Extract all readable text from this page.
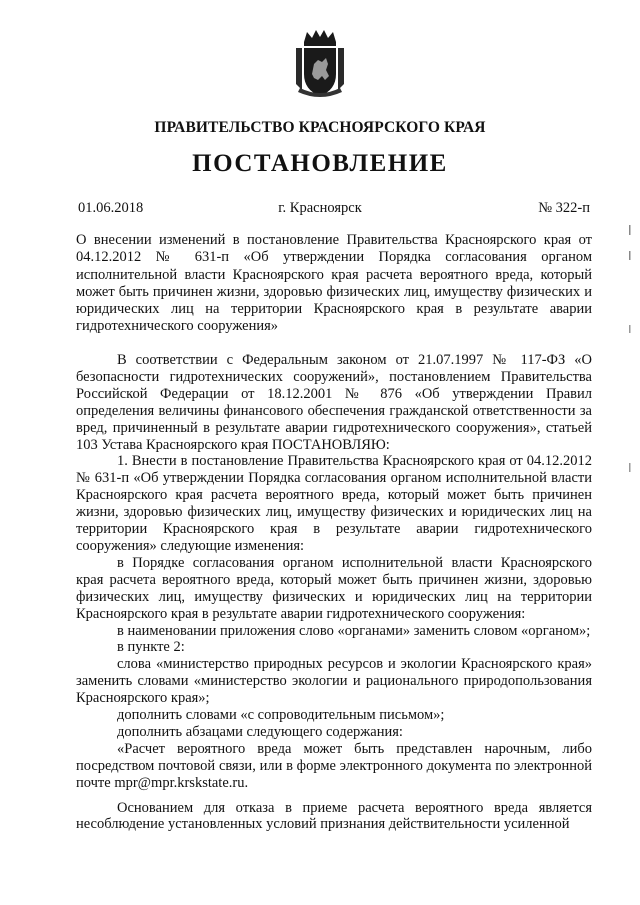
ПРАВИТЕЛЬСТВО КРАСНОЯРСКОГО КРАЯ
ПОСТАНОВЛЕНИЕ
01.06.2018	г. Красноярск	№ 322-п

О внесении изменений в постановление Правительства Красноярского края от 04.12.2012 № 631-п «Об утверждении Порядка согласования органом исполнительной власти Красноярского края расчета вероятного вреда, который может быть причинен жизни, здоровью физических лиц, имуществу физических и юридических лиц на территории Красноярского края в результате аварии гидротехнического сооружения»

В соответствии с Федеральным законом от 21.07.1997 № 117-ФЗ «О безопасности гидротехнических сооружений», постановлением Правительства Российской Федерации от 18.12.2001 № 876 «Об утверждении Правил определения величины финансового обеспечения гражданской ответственности за вред, причиненный в результате аварии гидротехнического сооружения», статьей 103 Устава Красноярского края ПОСТАНОВЛЯЮ:

1. Внести в постановление Правительства Красноярского края от 04.12.2012 № 631-п «Об утверждении Порядка согласования органом исполнительной власти Красноярского края расчета вероятного вреда, который может быть причинен жизни, здоровью физических лиц, имуществу физических и юридических лиц на территории Красноярского края в результате аварии гидротехнического сооружения» следующие изменения:

в Порядке согласования органом исполнительной власти Красноярского края расчета вероятного вреда, который может быть причинен жизни, здоровью физических лиц, имуществу физических и юридических лиц на территории Красноярского края в результате аварии гидротехнического сооружения:

в наименовании приложения слово «органами» заменить словом «органом»;

в пункте 2:

слова «министерство природных ресурсов и экологии Красноярского края» заменить словами «министерство экологии и рационального природопользования Красноярского края»;

дополнить словами «с сопроводительным письмом»;

дополнить абзацами следующего содержания:

«Расчет вероятного вреда может быть представлен нарочным, либо посредством почтовой связи, или в форме электронного документа по электронной почте mpr@mpr.krskstate.ru.

Основанием для отказа в приеме расчета вероятного вреда является несоблюдение установленных условий признания действительности усиленной
